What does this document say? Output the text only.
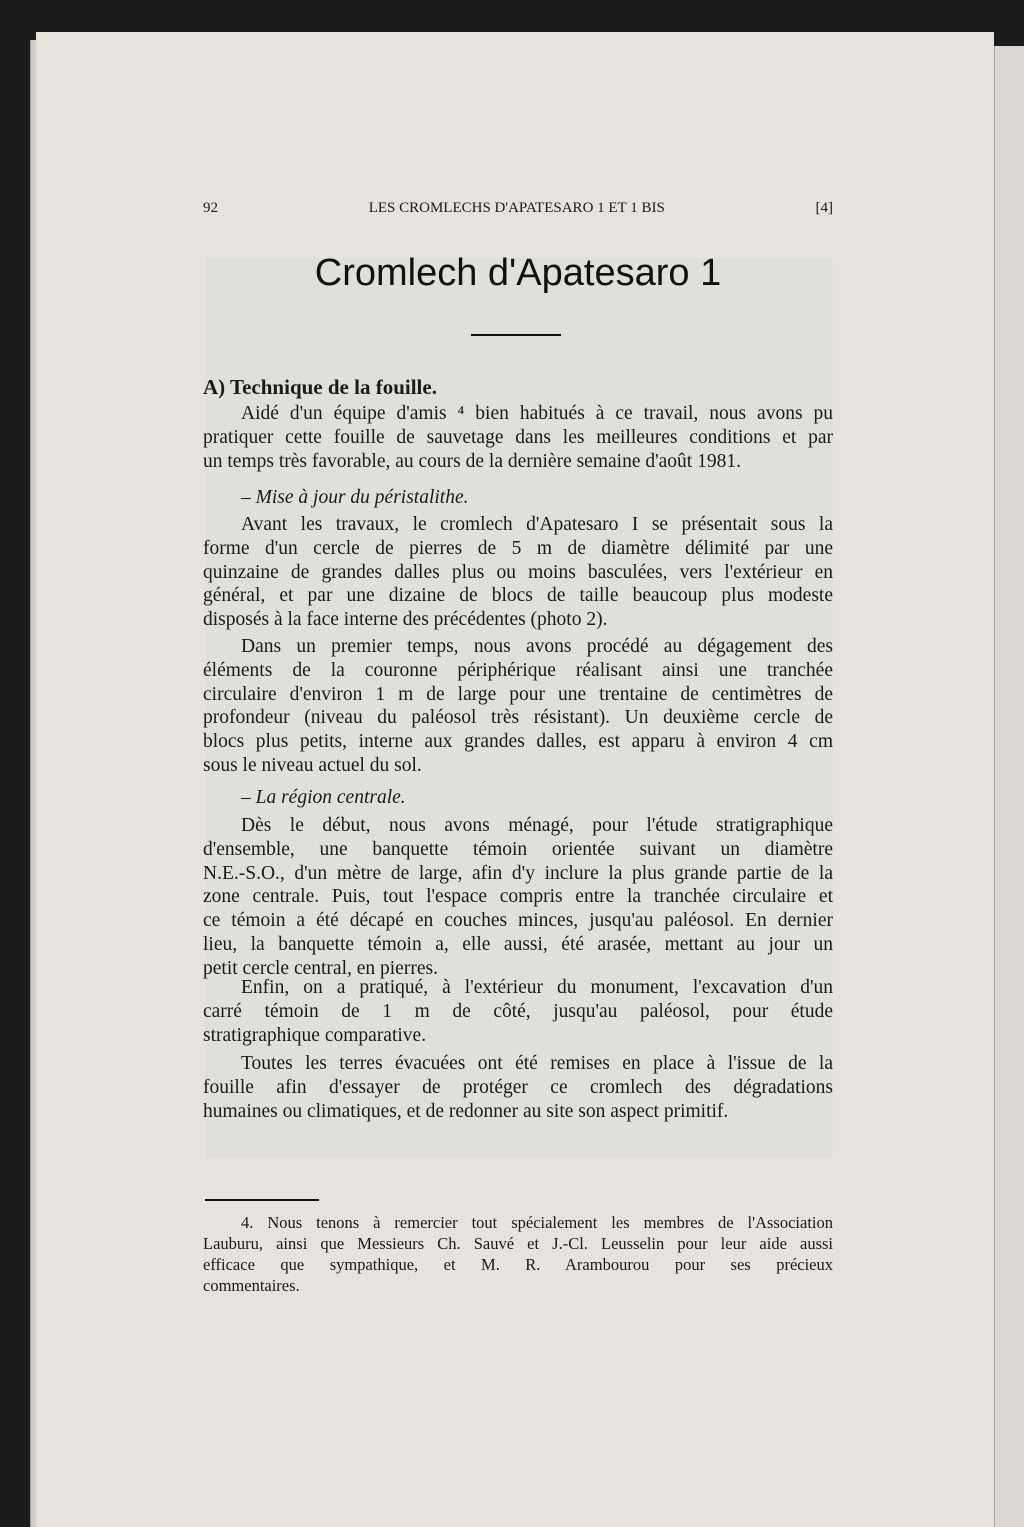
92	LES CROMLECHS D'APATESARO 1 ET 1 BIS	[4]
Cromlech d'Apatesaro 1
A) Technique de la fouille.
Aidé d'un équipe d'amis ⁴ bien habitués à ce travail, nous avons pu
pratiquer cette fouille de sauvetage dans les meilleures conditions et par
un temps très favorable, au cours de la dernière semaine d'août 1981.
– Mise à jour du péristalithe.
Avant les travaux, le cromlech d'Apatesaro I se présentait sous la
forme d'un cercle de pierres de 5 m de diamètre délimité par une
quinzaine de grandes dalles plus ou moins basculées, vers l'extérieur en
général, et par une dizaine de blocs de taille beaucoup plus modeste
disposés à la face interne des précédentes (photo 2).
Dans un premier temps, nous avons procédé au dégagement des
éléments de la couronne périphérique réalisant ainsi une tranchée
circulaire d'environ 1 m de large pour une trentaine de centimètres de
profondeur (niveau du paléosol très résistant). Un deuxième cercle de
blocs plus petits, interne aux grandes dalles, est apparu à environ 4 cm
sous le niveau actuel du sol.
– La région centrale.
Dès le début, nous avons ménagé, pour l'étude stratigraphique
d'ensemble, une banquette témoin orientée suivant un diamètre
N.E.-S.O., d'un mètre de large, afin d'y inclure la plus grande partie de la
zone centrale. Puis, tout l'espace compris entre la tranchée circulaire et
ce témoin a été décapé en couches minces, jusqu'au paléosol. En dernier
lieu, la banquette témoin a, elle aussi, été arasée, mettant au jour un
petit cercle central, en pierres.
Enfin, on a pratiqué, à l'extérieur du monument, l'excavation d'un
carré témoin de 1 m de côté, jusqu'au paléosol, pour étude
stratigraphique comparative.
Toutes les terres évacuées ont été remises en place à l'issue de la
fouille afin d'essayer de protéger ce cromlech des dégradations
humaines ou climatiques, et de redonner au site son aspect primitif.
4. Nous tenons à remercier tout spécialement les membres de l'Association
Lauburu, ainsi que Messieurs Ch. Sauvé et J.-Cl. Leusselin pour leur aide aussi
efficace que sympathique, et M. R. Arambourou pour ses précieux
commentaires.
